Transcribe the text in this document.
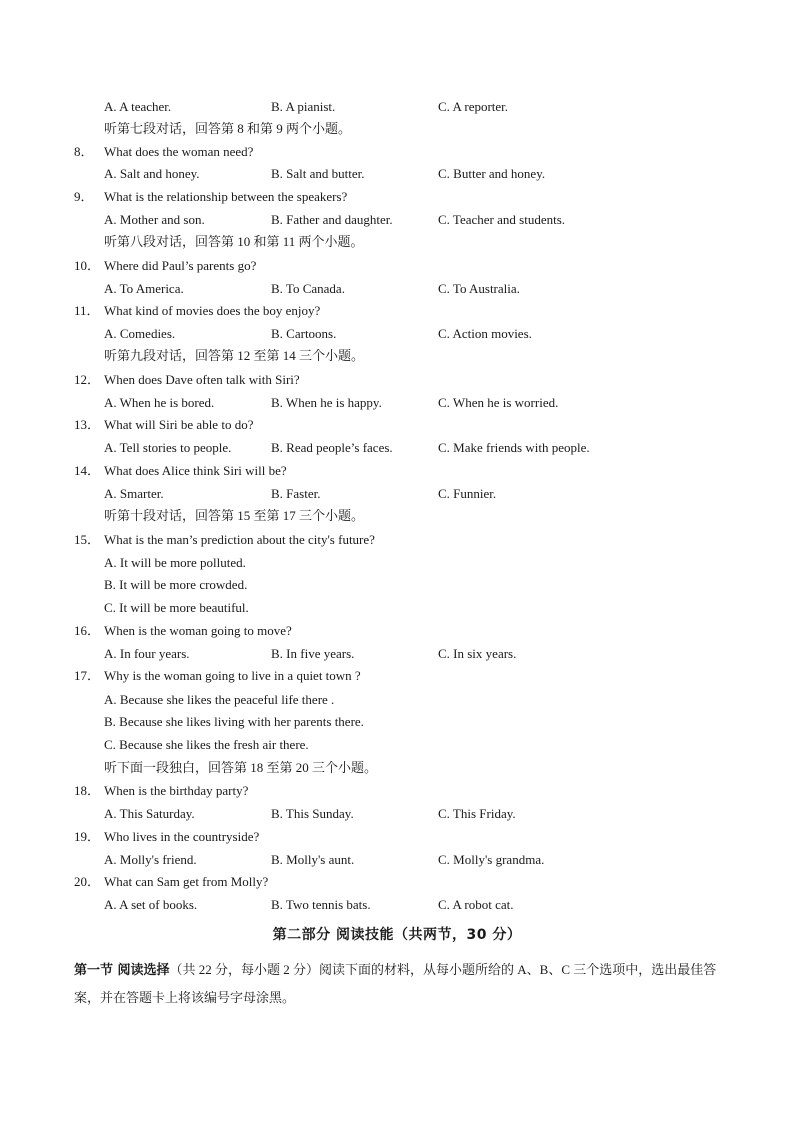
A. A teacher.	B. A pianist.	C. A reporter.
听第七段对话，回答第 8 和第 9 两个小题。
8． What does the woman need?
A. Salt and honey.	B. Salt and butter.	C. Butter and honey.
9． What is the relationship between the speakers?
A. Mother and son.	B. Father and daughter.	C. Teacher and students.
听第八段对话，回答第 10 和第 11 两个小题。
10． Where did Paul’s parents go?
A. To America.	B. To Canada.	C. To Australia.
11． What kind of movies does the boy enjoy?
A. Comedies.	B. Cartoons.	C. Action movies.
听第九段对话，回答第 12 至第 14 三个小题。
12． When does Dave often talk with Siri?
A. When he is bored.	B. When he is happy.	C. When he is worried.
13． What will Siri be able to do?
A. Tell stories to people.	B. Read people’s faces.	C. Make friends with people.
14． What does Alice think Siri will be?
A. Smarter.	B. Faster.	C. Funnier.
听第十段对话，回答第 15 至第 17 三个小题。
15． What is the man’s prediction about the city's future?
A. It will be more polluted.
B. It will be more crowded.
C. It will be more beautiful.
16． When is the woman going to move?
A. In four years.	B. In five years.	C. In six years.
17． Why is the woman going to live in a quiet town ?
A. Because she likes the peaceful life there .
B. Because she likes living with her parents there.
C. Because she likes the fresh air there.
听下面一段独白，回答第 18 至第 20 三个小题。
18． When is the birthday party?
A. This Saturday.	B. This Sunday.	C. This Friday.
19． Who lives in the countryside?
A. Molly's friend.	B. Molly's aunt.	C. Molly's grandma.
20． What can Sam get from Molly?
A. A set of books.	B. Two tennis bats.	C. A robot cat.
第二部分 阅读技能（共两节，30 分）
第一节 阅读选择（共 22 分，每小题 2 分）阅读下面的材料，从每小题所给的 A、B、C 三个选项中，选出最佳答案，并在答题卡上将该编号字母涂黑。
